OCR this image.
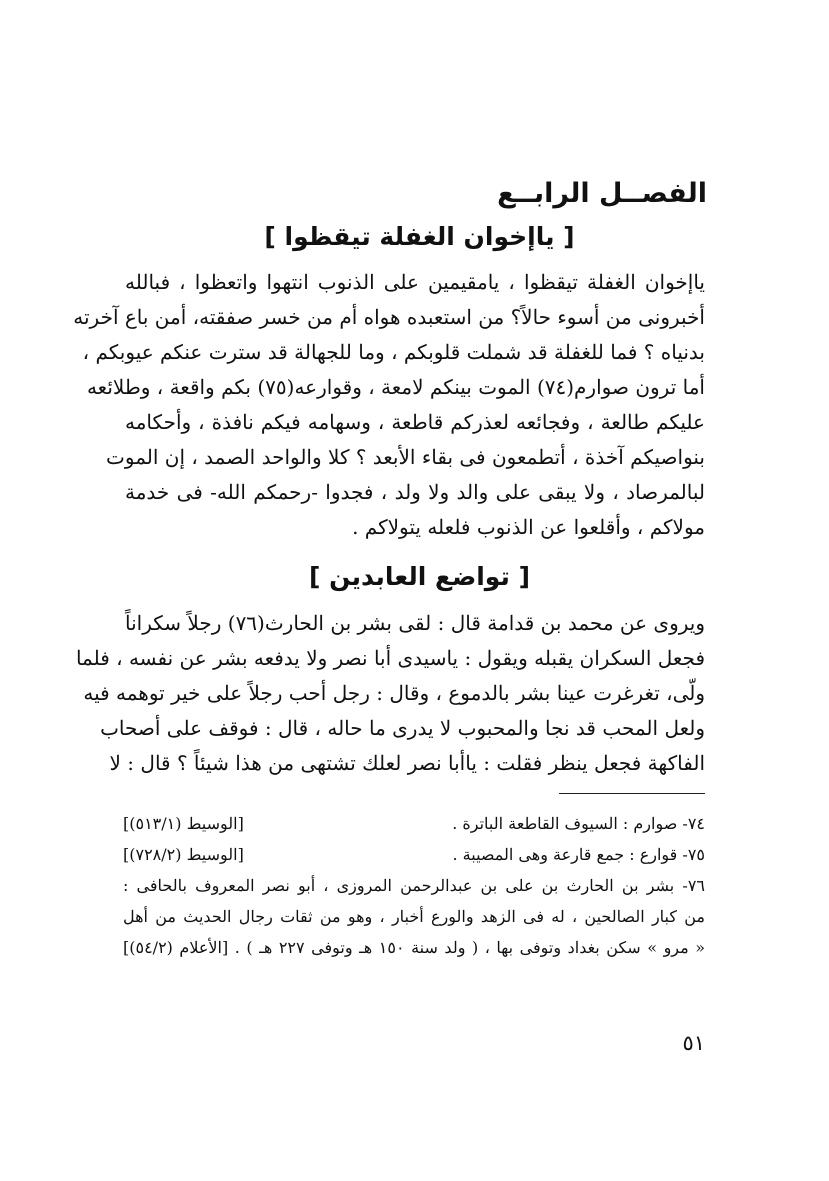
الفصــل الرابــع
[ ياإخوان الغفلة تيقظوا ]
ياإخوان الغفلة تيقظوا ، يامقيمين على الذنوب انتهوا واتعظوا ، فبالله
أخبرونى من أسوء حالاً؟ من استعبده هواه أم من خسر صفقته، أمن باع آخرته
بدنياه ؟ فما للغفلة قد شملت قلوبكم ، وما للجهالة قد سترت عنكم عيوبكم ،
أما ترون صوارم(٧٤) الموت بينكم لامعة ، وقوارعه(٧٥) بكم واقعة ، وطلائعه
عليكم طالعة ، وفجائعه لعذركم قاطعة ، وسهامه فيكم نافذة ، وأحكامه
بنواصيكم آخذة ، أتطمعون فى بقاء الأبعد ؟ كلا والواحد الصمد ، إن الموت
لبالمرصاد ، ولا يبقى على والد ولا ولد ، فجدوا -رحمكم الله- فى خدمة
مولاكم ، وأقلعوا عن الذنوب فلعله يتولاكم .
[ تواضع العابدين ]
ويروى عن محمد بن قدامة قال : لقى بشر بن الحارث(٧٦) رجلاً سكراناً
فجعل السكران يقبله ويقول : ياسيدى أبا نصر ولا يدفعه بشر عن نفسه ، فلما
ولّى، تغرغرت عينا بشر بالدموع ، وقال : رجل أحب رجلاً على خير توهمه فيه
ولعل المحب قد نجا والمحبوب لا يدرى ما حاله ، قال : فوقف على أصحاب
الفاكهة فجعل ينظر فقلت : ياأبا نصر لعلك تشتهى من هذا شيئاً ؟ قال : لا
٧٤- صوارم : السيوف القاطعة الباترة .
[الوسيط (٥١٣/١)]
٧٥- قوارع : جمع قارعة وهى المصيبة .
[الوسيط (٧٢٨/٢)]
٧٦- بشر بن الحارث بن على بن عبدالرحمن المروزى ، أبو نصر المعروف بالحافى :
من كبار الصالحين ، له فى الزهد والورع أخبار ، وهو من ثقات رجال الحديث من أهل
« مرو » سكن بغداد وتوفى بها ، ( ولد سنة ١٥٠ هـ وتوفى ٢٢٧ هـ ) . [الأعلام (٥٤/٢)]

٥١
